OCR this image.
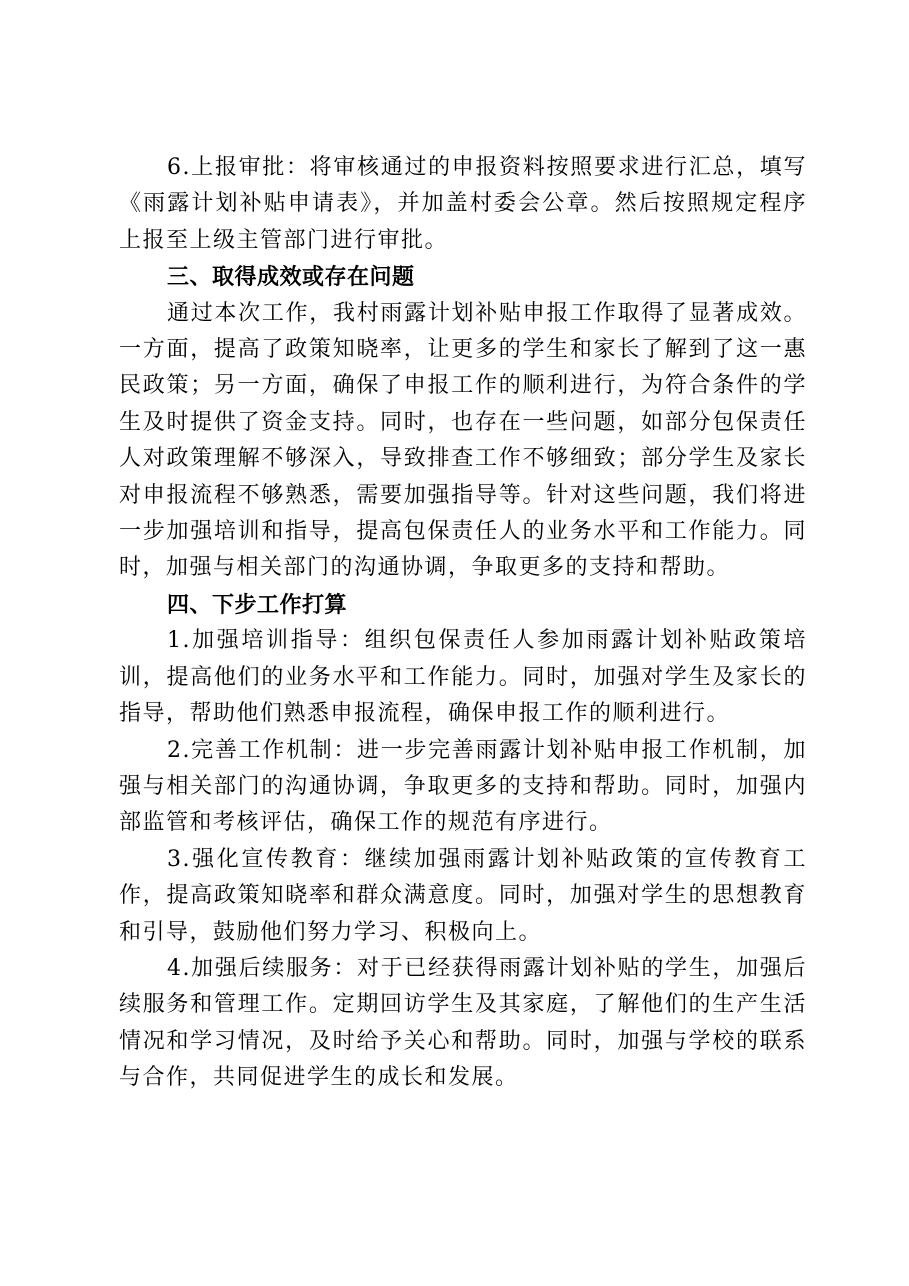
6.上报审批：将审核通过的申报资料按照要求进行汇总，填写《雨露计划补贴申请表》，并加盖村委会公章。然后按照规定程序上报至上级主管部门进行审批。

三、取得成效或存在问题

通过本次工作，我村雨露计划补贴申报工作取得了显著成效。一方面，提高了政策知晓率，让更多的学生和家长了解到了这一惠民政策；另一方面，确保了申报工作的顺利进行，为符合条件的学生及时提供了资金支持。同时，也存在一些问题，如部分包保责任人对政策理解不够深入，导致排查工作不够细致；部分学生及家长对申报流程不够熟悉，需要加强指导等。针对这些问题，我们将进一步加强培训和指导，提高包保责任人的业务水平和工作能力。同时，加强与相关部门的沟通协调，争取更多的支持和帮助。

四、下步工作打算

1.加强培训指导：组织包保责任人参加雨露计划补贴政策培训，提高他们的业务水平和工作能力。同时，加强对学生及家长的指导，帮助他们熟悉申报流程，确保申报工作的顺利进行。

2.完善工作机制：进一步完善雨露计划补贴申报工作机制，加强与相关部门的沟通协调，争取更多的支持和帮助。同时，加强内部监管和考核评估，确保工作的规范有序进行。

3.强化宣传教育：继续加强雨露计划补贴政策的宣传教育工作，提高政策知晓率和群众满意度。同时，加强对学生的思想教育和引导，鼓励他们努力学习、积极向上。

4.加强后续服务：对于已经获得雨露计划补贴的学生，加强后续服务和管理工作。定期回访学生及其家庭，了解他们的生产生活情况和学习情况，及时给予关心和帮助。同时，加强与学校的联系与合作，共同促进学生的成长和发展。
